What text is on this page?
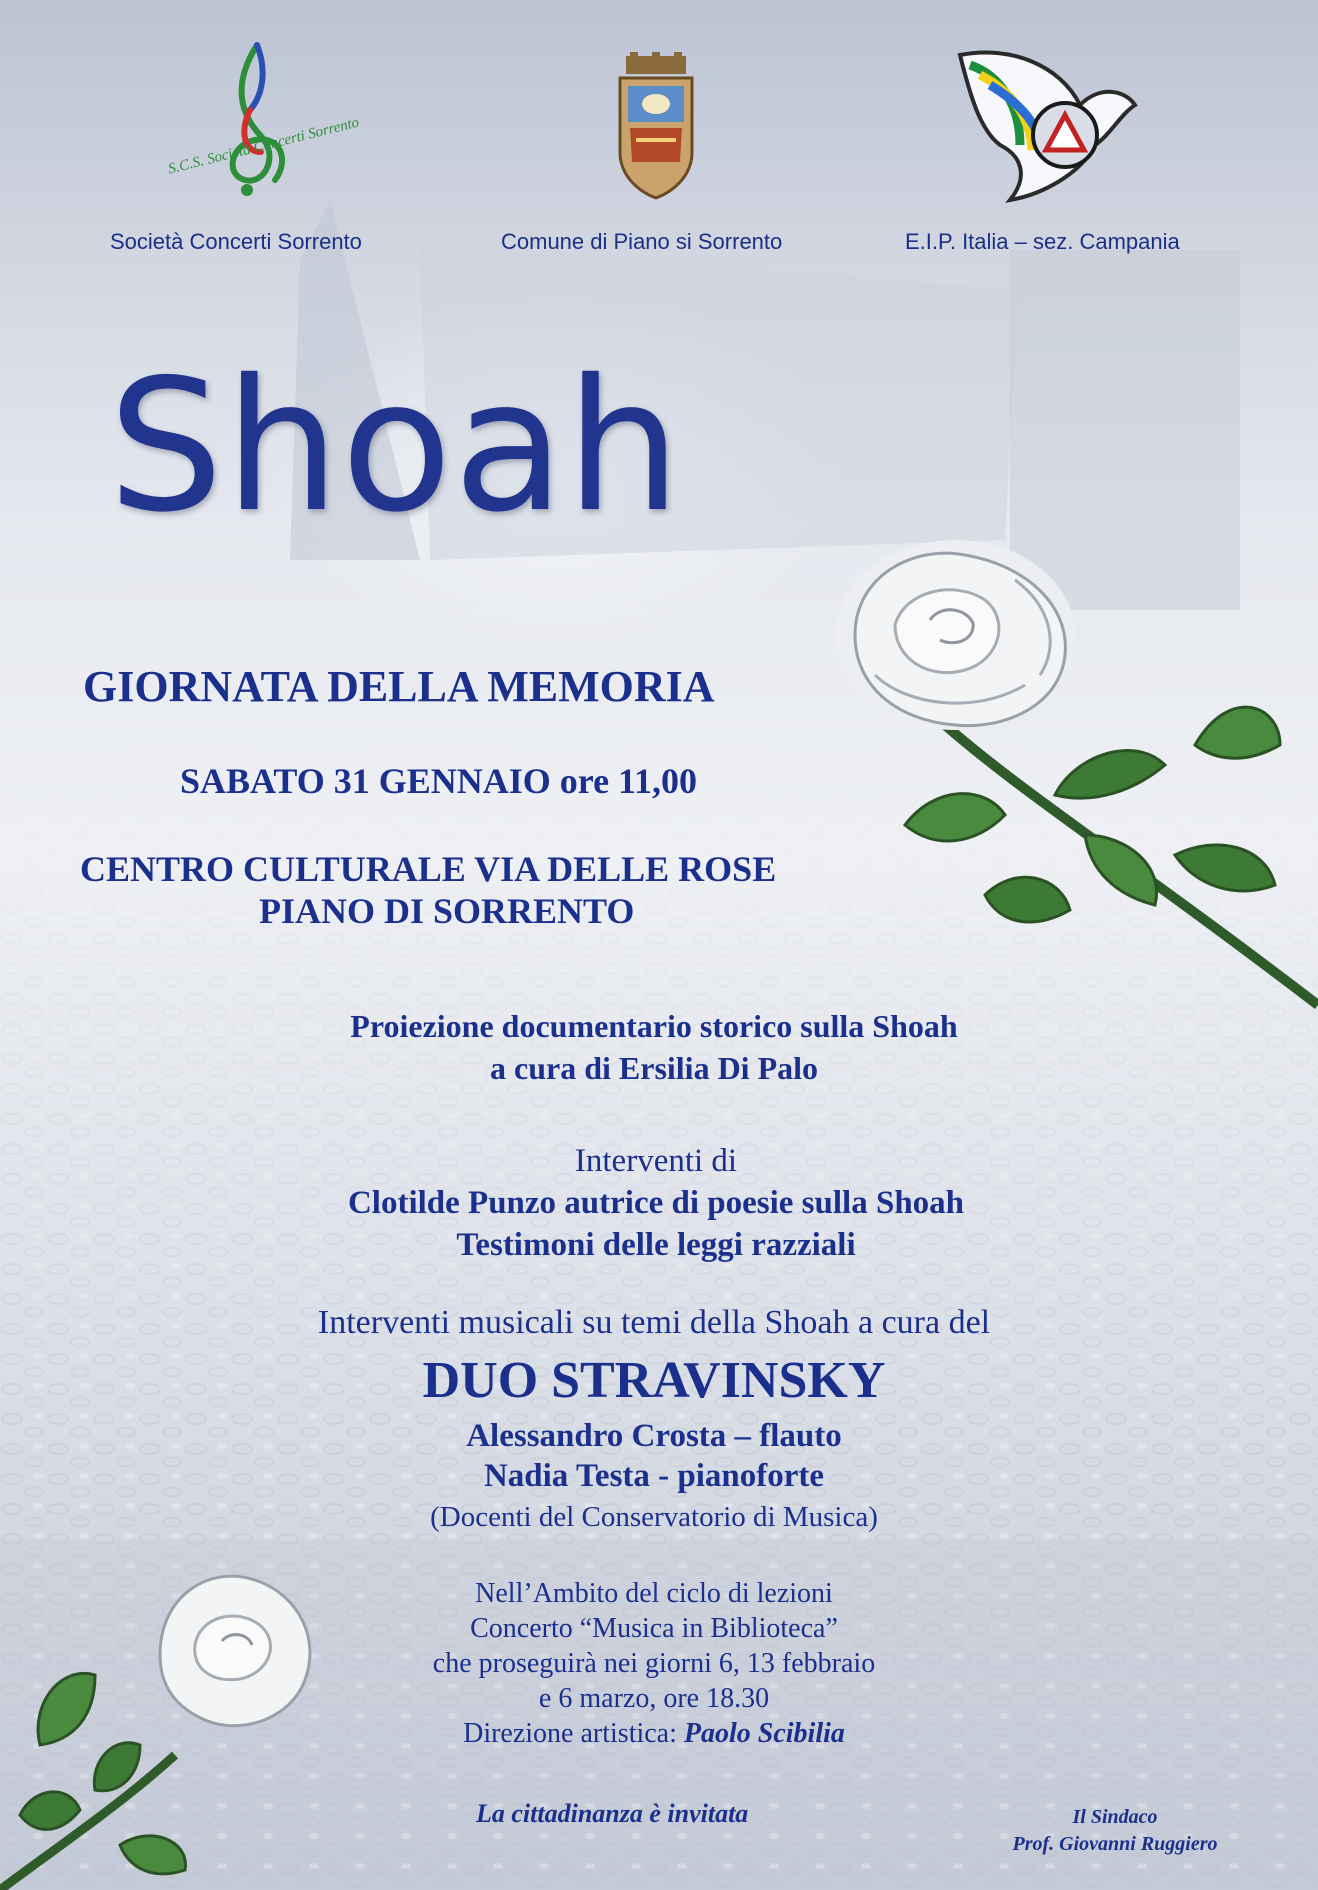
S.C.S. Società Concerti Sorrento
Società Concerti Sorrento	Comune di Piano si Sorrento	E.I.P. Italia – sez. Campania
Shoah
GIORNATA DELLA MEMORIA
SABATO 31 GENNAIO ore 11,00
CENTRO CULTURALE VIA DELLE ROSE
PIANO DI SORRENTO
Proiezione documentario storico sulla Shoah
a cura di Ersilia Di Palo
Interventi di
Clotilde Punzo autrice di poesie sulla Shoah
Testimoni delle leggi razziali
Interventi musicali su temi della Shoah a cura del
DUO STRAVINSKY
Alessandro Crosta – flauto
Nadia Testa - pianoforte
(Docenti del Conservatorio di Musica)
Nell’Ambito del ciclo di lezioni
Concerto “Musica in Biblioteca”
che proseguirà nei giorni 6, 13 febbraio
e 6 marzo, ore 18.30
Direzione artistica: Paolo Scibilia
La cittadinanza è invitata	Il Sindaco
Prof. Giovanni Ruggiero
